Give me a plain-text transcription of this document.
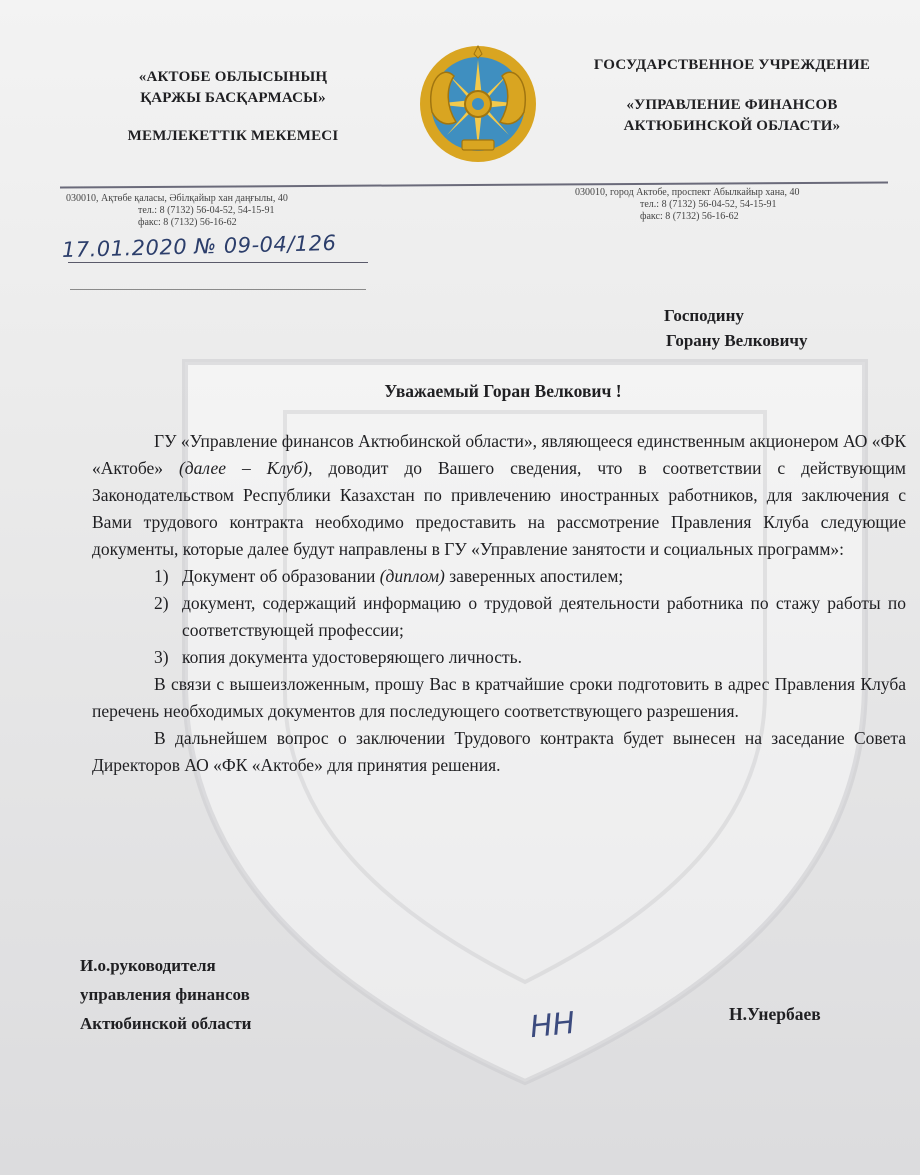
«АКТОБЕ ОБЛЫСЫНЫҢ
ҚАРЖЫ БАСҚАРМАСЫ»
МЕМЛЕКЕТТІК МЕКЕМЕСІ
ГОСУДАРСТВЕННОЕ УЧРЕЖДЕНИЕ
«УПРАВЛЕНИЕ ФИНАНСОВ
АКТЮБИНСКОЙ ОБЛАСТИ»
030010, Ақтөбе қаласы, Әбілқайыр хан даңғылы, 40
тел.: 8 (7132) 56-04-52, 54-15-91
факс: 8 (7132) 56-16-62
030010, город Актобе, проспект Абылкайыр хана, 40
тел.: 8 (7132) 56-04-52, 54-15-91
факс: 8 (7132) 56-16-62
17.01.2020 № 09-04/126
Господину
Горану Велковичу
Уважаемый Горан Велкович !

ГУ «Управление финансов Актюбинской области», являющееся единственным акционером АО «ФК «Актобе» (далее – Клуб), доводит до Вашего сведения, что в соответствии с действующим Законодательством Республики Казахстан по привлечению иностранных работников, для заключения с Вами трудового контракта необходимо предоставить на рассмотрение Правления Клуба следующие документы, которые далее будут направлены в ГУ «Управление занятости и социальных программ»:

1) Документ об образовании (диплом) заверенных апостилем;
2) документ, содержащий информацию о трудовой деятельности работника по стажу работы по соответствующей профессии;
3) копия документа удостоверяющего личность.

В связи с вышеизложенным, прошу Вас в кратчайшие сроки подготовить в адрес Правления Клуба перечень необходимых документов для последующего соответствующего разрешения.

В дальнейшем вопрос о заключении Трудового контракта будет вынесен на заседание Совета Директоров АО «ФК «Актобе» для принятия решения.

И.о.руководителя
управления финансов
Актюбинской области	НН	Н.Унербаев
